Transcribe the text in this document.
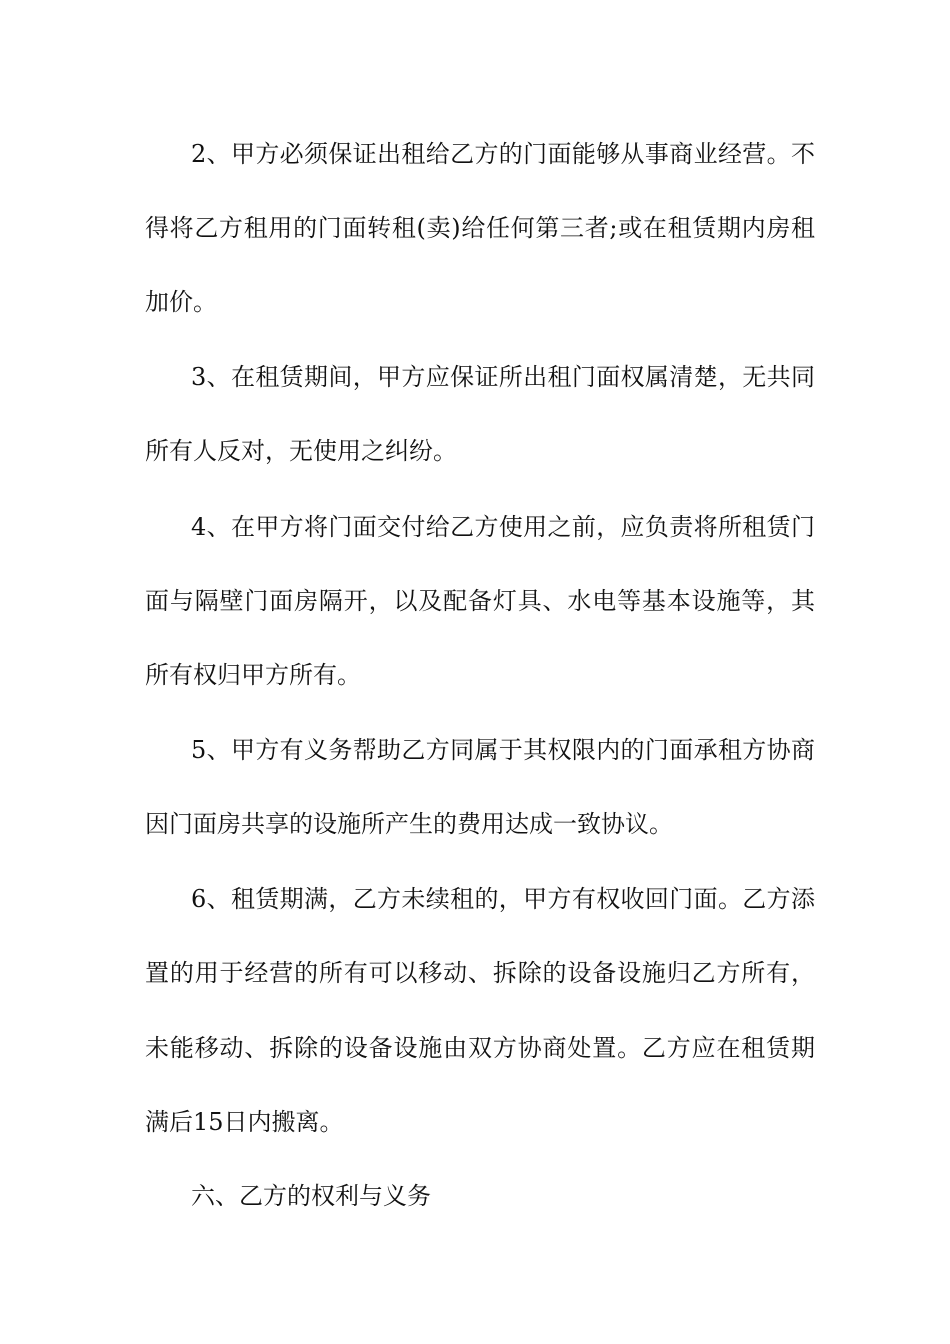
2、甲方必须保证出租给乙方的门面能够从事商业经营。不
得将乙方租用的门面转租(卖)给任何第三者;或在租赁期内房租
加价。
3、在租赁期间，甲方应保证所出租门面权属清楚，无共同
所有人反对，无使用之纠纷。
4、在甲方将门面交付给乙方使用之前，应负责将所租赁门
面与隔壁门面房隔开，以及配备灯具、水电等基本设施等，其
所有权归甲方所有。
5、甲方有义务帮助乙方同属于其权限内的门面承租方协商
因门面房共享的设施所产生的费用达成一致协议。
6、租赁期满，乙方未续租的，甲方有权收回门面。乙方添
置的用于经营的所有可以移动、拆除的设备设施归乙方所有，
未能移动、拆除的设备设施由双方协商处置。乙方应在租赁期
满后15日内搬离。
六、乙方的权利与义务
